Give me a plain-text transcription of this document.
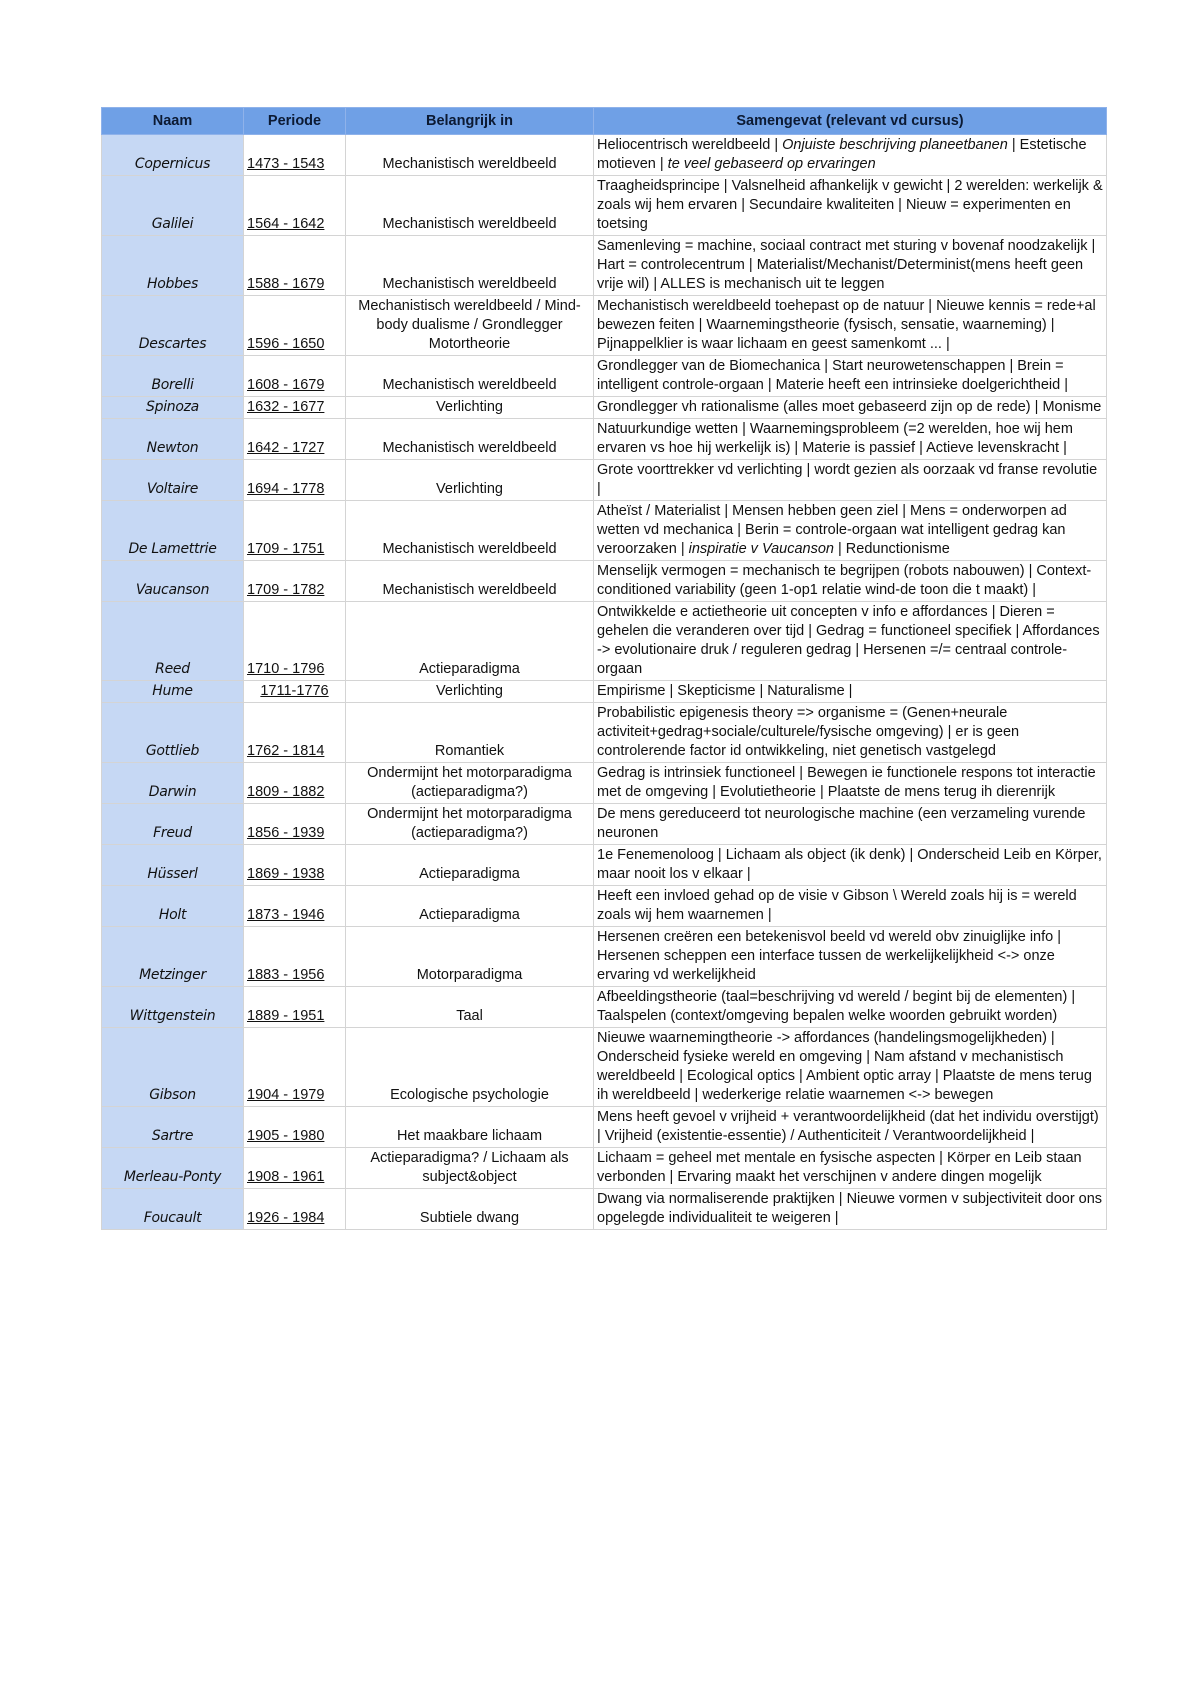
Naam	Periode	Belangrijk in	Samengevat (relevant vd cursus)
Copernicus	1473 - 1543	Mechanistisch wereldbeeld	Heliocentrisch wereldbeeld | Onjuiste beschrijving planeetbanen | Estetische motieven | te veel gebaseerd op ervaringen
Galilei	1564 - 1642	Mechanistisch wereldbeeld	Traagheidsprincipe | Valsnelheid afhankelijk v gewicht | 2 werelden: werkelijk & zoals wij hem ervaren | Secundaire kwaliteiten | Nieuw = experimenten en toetsing
Hobbes	1588 - 1679	Mechanistisch wereldbeeld	Samenleving = machine, sociaal contract met sturing v bovenaf noodzakelijk | Hart = controlecentrum | Materialist/Mechanist/Determinist(mens heeft geen vrije wil) | ALLES is mechanisch uit te leggen
Descartes	1596 - 1650	Mechanistisch wereldbeeld / Mind-body dualisme / Grondlegger Motortheorie	Mechanistisch wereldbeeld toehepast op de natuur | Nieuwe kennis = rede+al bewezen feiten | Waarnemingstheorie (fysisch, sensatie, waarneming) | Pijnappelklier is waar lichaam en geest samenkomt ... |
Borelli	1608 - 1679	Mechanistisch wereldbeeld	Grondlegger van de Biomechanica | Start neurowetenschappen | Brein = intelligent controle-orgaan | Materie heeft een intrinsieke doelgerichtheid |
Spinoza	1632 - 1677	Verlichting	Grondlegger vh rationalisme (alles moet gebaseerd zijn op de rede) | Monisme
Newton	1642 - 1727	Mechanistisch wereldbeeld	Natuurkundige wetten | Waarnemingsprobleem (=2 werelden, hoe wij hem ervaren vs hoe hij werkelijk is) | Materie is passief | Actieve levenskracht |
Voltaire	1694 - 1778	Verlichting	Grote voorttrekker vd verlichting | wordt gezien als oorzaak vd franse revolutie |
De Lamettrie	1709 - 1751	Mechanistisch wereldbeeld	Atheïst / Materialist | Mensen hebben geen ziel | Mens = onderworpen ad wetten vd mechanica | Berin = controle-orgaan wat intelligent gedrag kan veroorzaken | inspiratie v Vaucanson | Redunctionisme
Vaucanson	1709 - 1782	Mechanistisch wereldbeeld	Menselijk vermogen = mechanisch te begrijpen (robots nabouwen) | Context-conditioned variability (geen 1-op1 relatie wind-de toon die t maakt) |
Reed	1710 - 1796	Actieparadigma	Ontwikkelde e actietheorie uit concepten v info e affordances | Dieren = gehelen die veranderen over tijd | Gedrag = functioneel specifiek | Affordances -> evolutionaire druk / reguleren gedrag | Hersenen =/= centraal controle-orgaan
Hume	1711-1776	Verlichting	Empirisme | Skepticisme | Naturalisme |
Gottlieb	1762 - 1814	Romantiek	Probabilistic epigenesis theory => organisme = (Genen+neurale activiteit+gedrag+sociale/culturele/fysische omgeving) | er is geen controlerende factor id ontwikkeling, niet genetisch vastgelegd
Darwin	1809 - 1882	Ondermijnt het motorparadigma (actieparadigma?)	Gedrag is intrinsiek functioneel | Bewegen ie functionele respons tot interactie met de omgeving | Evolutietheorie | Plaatste de mens terug ih dierenrijk
Freud	1856 - 1939	Ondermijnt het motorparadigma (actieparadigma?)	De mens gereduceerd tot neurologische machine (een verzameling vurende neuronen
Hüsserl	1869 - 1938	Actieparadigma	1e Fenemenoloog | Lichaam als object (ik denk) | Onderscheid Leib en Körper, maar nooit los v elkaar |
Holt	1873 - 1946	Actieparadigma	Heeft een invloed gehad op de visie v Gibson \ Wereld zoals hij is = wereld zoals wij hem waarnemen |
Metzinger	1883 - 1956	Motorparadigma	Hersenen creëren een betekenisvol beeld vd wereld obv zinuiglijke info | Hersenen scheppen een interface tussen de werkelijkelijkheid <-> onze ervaring vd werkelijkheid
Wittgenstein	1889 - 1951	Taal	Afbeeldingstheorie (taal=beschrijving vd wereld / begint bij de elementen) | Taalspelen (context/omgeving bepalen welke woorden gebruikt worden)
Gibson	1904 - 1979	Ecologische psychologie	Nieuwe waarnemingtheorie -> affordances (handelingsmogelijkheden) | Onderscheid fysieke wereld en omgeving | Nam afstand v mechanistisch wereldbeeld | Ecological optics | Ambient optic array | Plaatste de mens terug ih wereldbeeld | wederkerige relatie waarnemen <-> bewegen
Sartre	1905 - 1980	Het maakbare lichaam	Mens heeft gevoel v vrijheid + verantwoordelijkheid (dat het individu overstijgt) | Vrijheid (existentie-essentie) / Authenticiteit / Verantwoordelijkheid |
Merleau-Ponty	1908 - 1961	Actieparadigma? / Lichaam als subject&object	Lichaam = geheel met mentale en fysische aspecten | Körper en Leib staan verbonden | Ervaring maakt het verschijnen v andere dingen mogelijk
Foucault	1926 - 1984	Subtiele dwang	Dwang via normaliserende praktijken | Nieuwe vormen v subjectiviteit door ons opgelegde individualiteit te weigeren |
